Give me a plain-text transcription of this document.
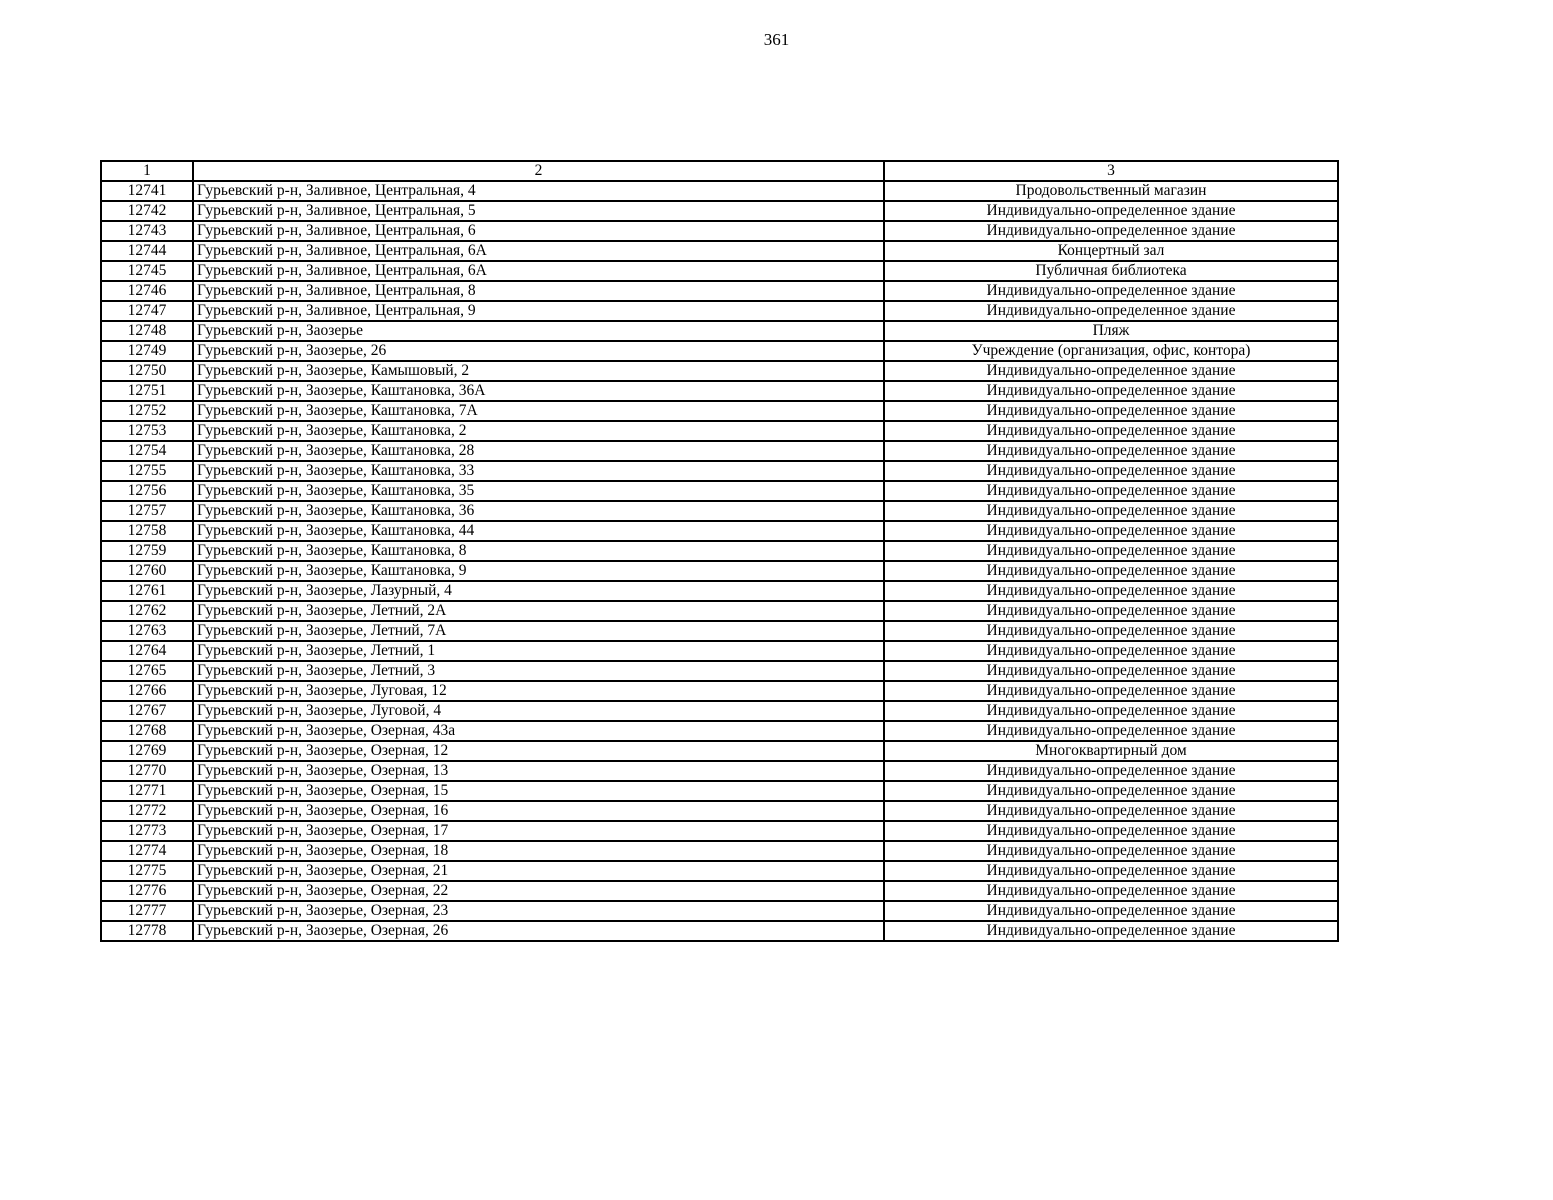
361
1	2	3
12741	Гурьевский р-н, Заливное, Центральная, 4	Продовольственный магазин
12742	Гурьевский р-н, Заливное, Центральная, 5	Индивидуально-определенное здание
12743	Гурьевский р-н, Заливное, Центральная, 6	Индивидуально-определенное здание
12744	Гурьевский р-н, Заливное, Центральная, 6А	Концертный зал
12745	Гурьевский р-н, Заливное, Центральная, 6А	Публичная библиотека
12746	Гурьевский р-н, Заливное, Центральная, 8	Индивидуально-определенное здание
12747	Гурьевский р-н, Заливное, Центральная, 9	Индивидуально-определенное здание
12748	Гурьевский р-н, Заозерье	Пляж
12749	Гурьевский р-н, Заозерье, 26	Учреждение (организация, офис, контора)
12750	Гурьевский р-н, Заозерье, Камышовый, 2	Индивидуально-определенное здание
12751	Гурьевский р-н, Заозерье, Каштановка, 36А	Индивидуально-определенное здание
12752	Гурьевский р-н, Заозерье, Каштановка, 7А	Индивидуально-определенное здание
12753	Гурьевский р-н, Заозерье, Каштановка, 2	Индивидуально-определенное здание
12754	Гурьевский р-н, Заозерье, Каштановка, 28	Индивидуально-определенное здание
12755	Гурьевский р-н, Заозерье, Каштановка, 33	Индивидуально-определенное здание
12756	Гурьевский р-н, Заозерье, Каштановка, 35	Индивидуально-определенное здание
12757	Гурьевский р-н, Заозерье, Каштановка, 36	Индивидуально-определенное здание
12758	Гурьевский р-н, Заозерье, Каштановка, 44	Индивидуально-определенное здание
12759	Гурьевский р-н, Заозерье, Каштановка, 8	Индивидуально-определенное здание
12760	Гурьевский р-н, Заозерье, Каштановка, 9	Индивидуально-определенное здание
12761	Гурьевский р-н, Заозерье, Лазурный, 4	Индивидуально-определенное здание
12762	Гурьевский р-н, Заозерье, Летний, 2А	Индивидуально-определенное здание
12763	Гурьевский р-н, Заозерье, Летний, 7А	Индивидуально-определенное здание
12764	Гурьевский р-н, Заозерье, Летний, 1	Индивидуально-определенное здание
12765	Гурьевский р-н, Заозерье, Летний, 3	Индивидуально-определенное здание
12766	Гурьевский р-н, Заозерье, Луговая, 12	Индивидуально-определенное здание
12767	Гурьевский р-н, Заозерье, Луговой, 4	Индивидуально-определенное здание
12768	Гурьевский р-н, Заозерье, Озерная, 43а	Индивидуально-определенное здание
12769	Гурьевский р-н, Заозерье, Озерная, 12	Многоквартирный дом
12770	Гурьевский р-н, Заозерье, Озерная, 13	Индивидуально-определенное здание
12771	Гурьевский р-н, Заозерье, Озерная, 15	Индивидуально-определенное здание
12772	Гурьевский р-н, Заозерье, Озерная, 16	Индивидуально-определенное здание
12773	Гурьевский р-н, Заозерье, Озерная, 17	Индивидуально-определенное здание
12774	Гурьевский р-н, Заозерье, Озерная, 18	Индивидуально-определенное здание
12775	Гурьевский р-н, Заозерье, Озерная, 21	Индивидуально-определенное здание
12776	Гурьевский р-н, Заозерье, Озерная, 22	Индивидуально-определенное здание
12777	Гурьевский р-н, Заозерье, Озерная, 23	Индивидуально-определенное здание
12778	Гурьевский р-н, Заозерье, Озерная, 26	Индивидуально-определенное здание
